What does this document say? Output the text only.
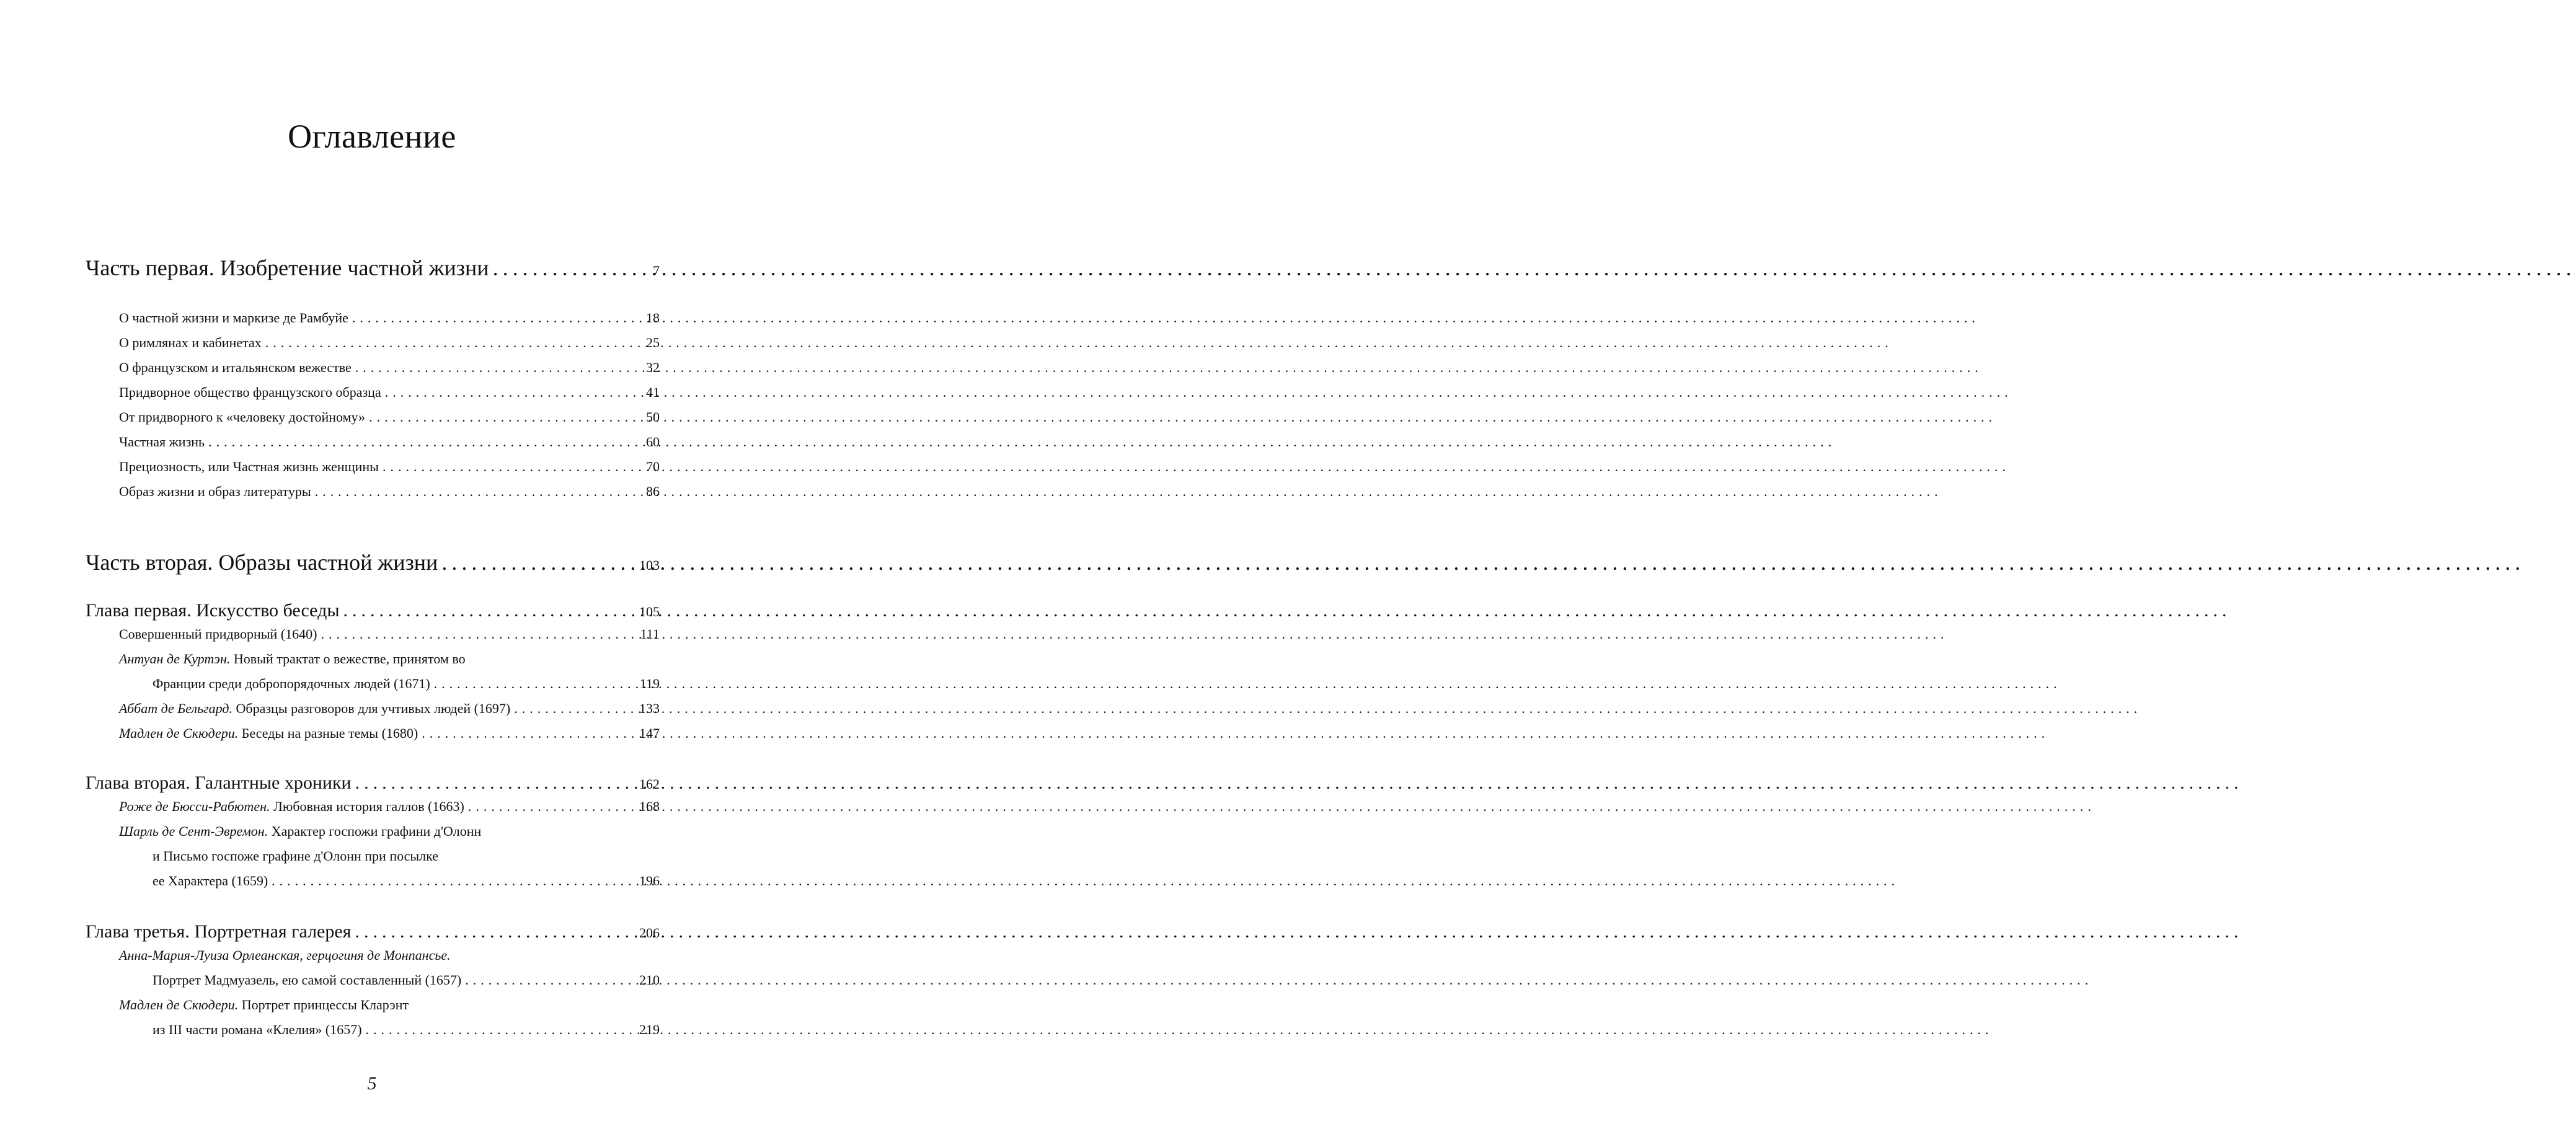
Оглавление
Часть первая. Изобретение частной жизни .....	7
О частной жизни и маркизе де Рамбуйе .....	18
О римлянах и кабинетах .....	25
О французском и итальянском вежестве .....	32
Придворное общество французского образца .....	41
От придворного к «человеку достойному» .....	50
Частная жизнь .....	60
Прециозность, или Частная жизнь женщины .....	70
Образ жизни и образ литературы .....	86
Часть вторая. Образы частной жизни .....	103
Глава первая. Искусство беседы .....	105
Совершенный придворный (1640) .....	111
Антуан де Куртэн. Новый трактат о вежестве, принятом во
Франции среди добропорядочных людей (1671) .....	119
Аббат де Бельгард. Образцы разговоров для учтивых людей (1697) .....	133
Мадлен де Скюдери. Беседы на разные темы (1680) .....	147
Глава вторая. Галантные хроники .....	162
Роже де Бюсси-Рабютен. Любовная история галлов (1663) .....	168
Шарль де Сент-Эвремон. Характер госпожи графини д'Олонн
и Письмо госпоже графине д'Олонн при посылке
ее Характера (1659) .....	196
Глава третья. Портретная галерея .....	206
Анна-Мария-Луиза Орлеанская, герцогиня де Монпансье.
Портрет Мадмуазель, ею самой составленный (1657) .....	210
Мадлен де Скюдери. Портрет принцессы Кларэнт
из III части романа «Клелия» (1657) .....	219
5
